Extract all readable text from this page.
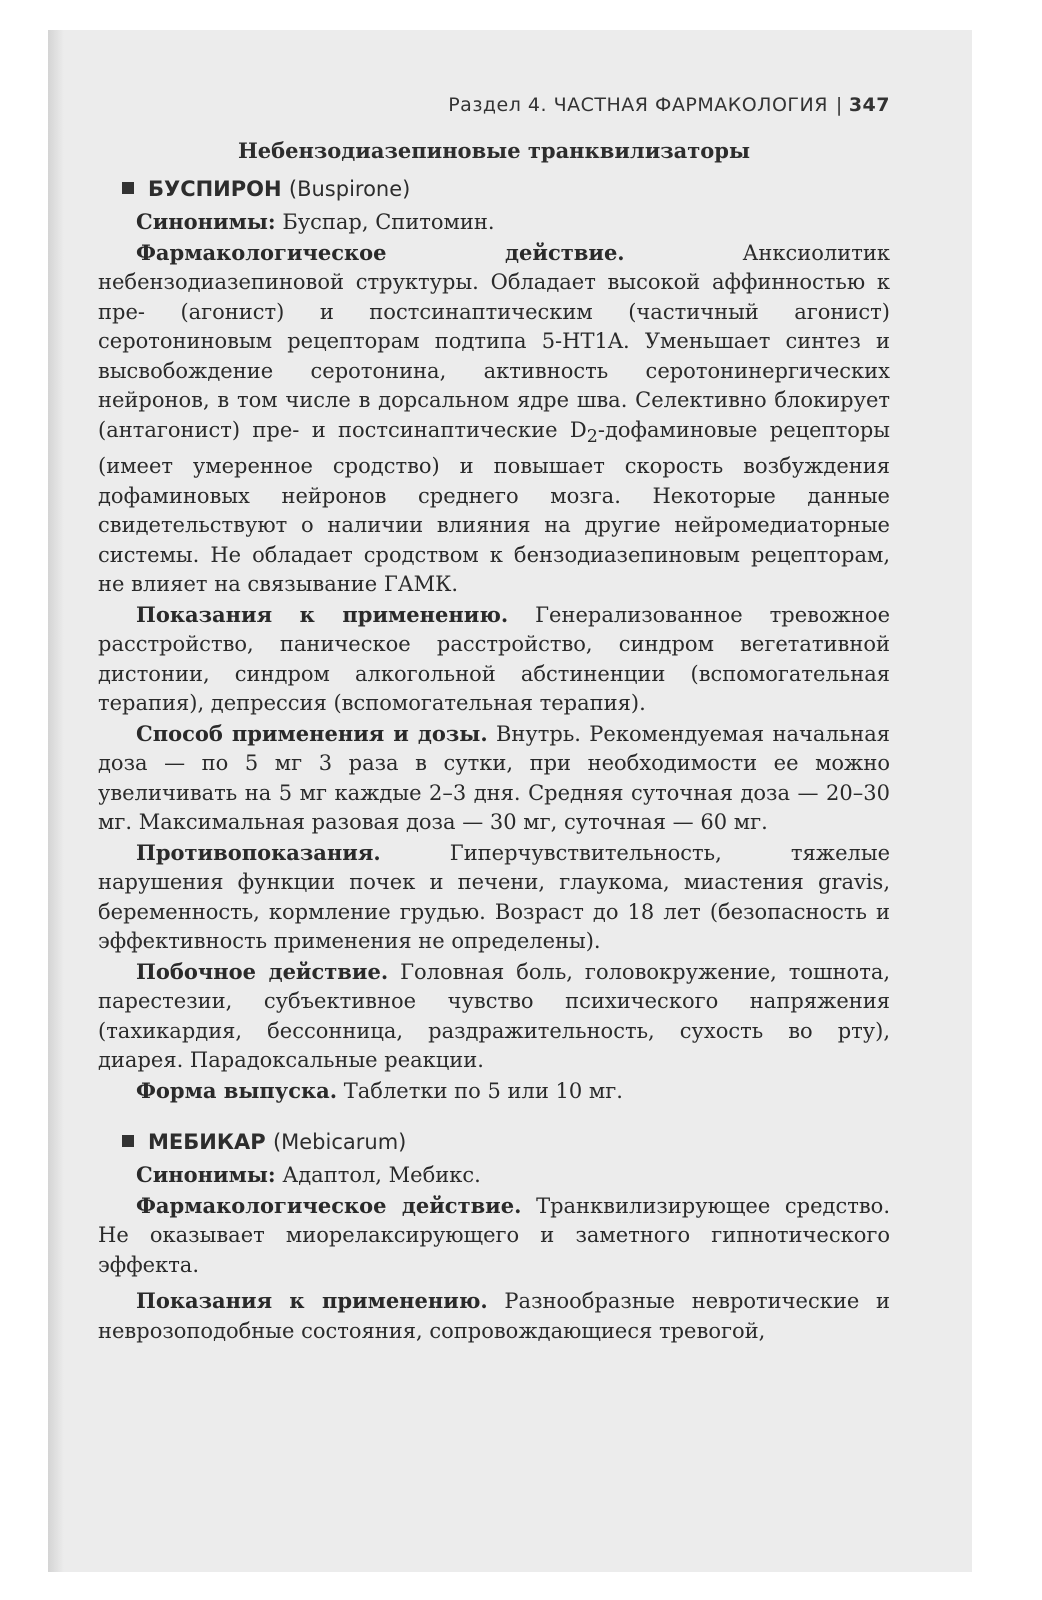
Раздел 4. ЧАСТНАЯ ФАРМАКОЛОГИЯ | 347
Небензодиазепиновые транквилизаторы
БУСПИРОН (Buspirone)

Синонимы: Буспар, Спитомин.

Фармакологическое действие. Анксиолитик небензодиазепиновой структуры. Обладает высокой аффинностью к пре- (агонист) и постсинаптическим (частичный агонист) серотониновым рецепторам подтипа 5-HT1A. Уменьшает синтез и высвобождение серотонина, активность серотонинергических нейронов, в том числе в дорсальном ядре шва. Селективно блокирует (антагонист) пре- и постсинаптические $D_2$-дофаминовые рецепторы (имеет умеренное сродство) и повышает скорость возбуждения дофаминовых нейронов среднего мозга. Некоторые данные свидетельствуют о наличии влияния на другие нейромедиаторные системы. Не обладает сродством к бензодиазепиновым рецепторам, не влияет на связывание ГАМК.

Показания к применению. Генерализованное тревожное расстройство, паническое расстройство, синдром вегетативной дистонии, синдром алкогольной абстиненции (вспомогательная терапия), депрессия (вспомогательная терапия).

Способ применения и дозы. Внутрь. Рекомендуемая начальная доза — по 5 мг 3 раза в сутки, при необходимости ее можно увеличивать на 5 мг каждые 2–3 дня. Средняя суточная доза — 20–30 мг. Максимальная разовая доза — 30 мг, суточная — 60 мг.

Противопоказания. Гиперчувствительность, тяжелые нарушения функции почек и печени, глаукома, миастения gravis, беременность, кормление грудью. Возраст до 18 лет (безопасность и эффективность применения не определены).

Побочное действие. Головная боль, головокружение, тошнота, парестезии, субъективное чувство психического напряжения (тахикардия, бессонница, раздражительность, сухость во рту), диарея. Парадоксальные реакции.

Форма выпуска. Таблетки по 5 или 10 мг.

МЕБИКАР (Mebicarum)

Синонимы: Адаптол, Мебикс.

Фармакологическое действие. Транквилизирующее средство. Не оказывает миорелаксирующего и заметного гипнотического эффекта.

Показания к применению. Разнообразные невротические и неврозоподобные состояния, сопровождающиеся тревогой,
